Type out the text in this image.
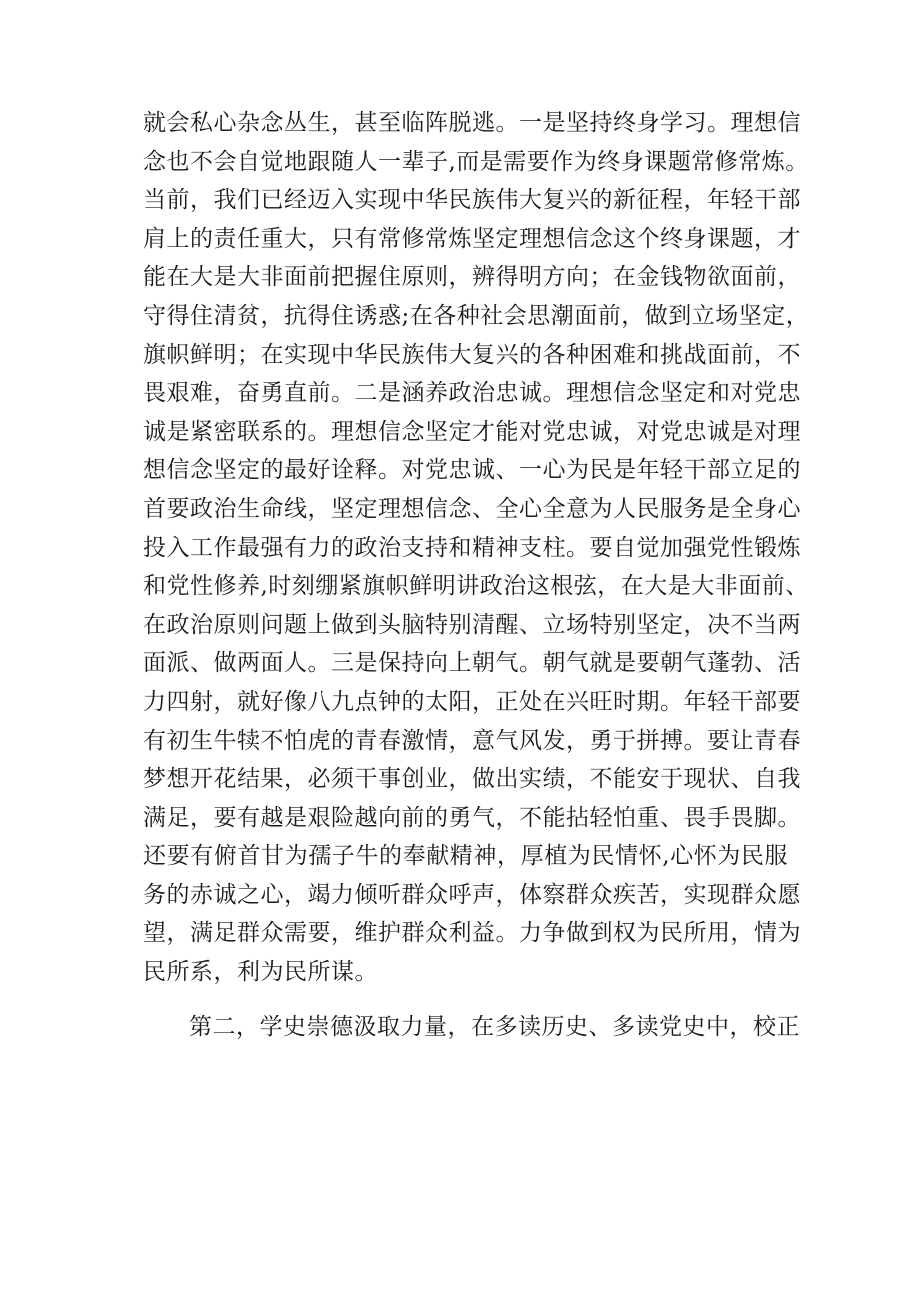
就会私心杂念丛生，甚至临阵脱逃。一是坚持终身学习。理想信
念也不会自觉地跟随人一辈子,而是需要作为终身课题常修常炼。
当前，我们已经迈入实现中华民族伟大复兴的新征程，年轻干部
肩上的责任重大，只有常修常炼坚定理想信念这个终身课题，才
能在大是大非面前把握住原则，辨得明方向；在金钱物欲面前，
守得住清贫，抗得住诱惑;在各种社会思潮面前，做到立场坚定，
旗帜鲜明；在实现中华民族伟大复兴的各种困难和挑战面前，不
畏艰难，奋勇直前。二是涵养政治忠诚。理想信念坚定和对党忠
诚是紧密联系的。理想信念坚定才能对党忠诚，对党忠诚是对理
想信念坚定的最好诠释。对党忠诚、一心为民是年轻干部立足的
首要政治生命线，坚定理想信念、全心全意为人民服务是全身心
投入工作最强有力的政治支持和精神支柱。要自觉加强党性锻炼
和党性修养,时刻绷紧旗帜鲜明讲政治这根弦，在大是大非面前、
在政治原则问题上做到头脑特别清醒、立场特别坚定，决不当两
面派、做两面人。三是保持向上朝气。朝气就是要朝气蓬勃、活
力四射，就好像八九点钟的太阳，正处在兴旺时期。年轻干部要
有初生牛犊不怕虎的青春激情，意气风发，勇于拼搏。要让青春
梦想开花结果，必须干事创业，做出实绩，不能安于现状、自我
满足，要有越是艰险越向前的勇气，不能拈轻怕重、畏手畏脚。
还要有俯首甘为孺子牛的奉献精神，厚植为民情怀,心怀为民服
务的赤诚之心，竭力倾听群众呼声，体察群众疾苦，实现群众愿
望，满足群众需要，维护群众利益。力争做到权为民所用，情为
民所系，利为民所谋。
第二，学史崇德汲取力量，在多读历史、多读党史中，校正
